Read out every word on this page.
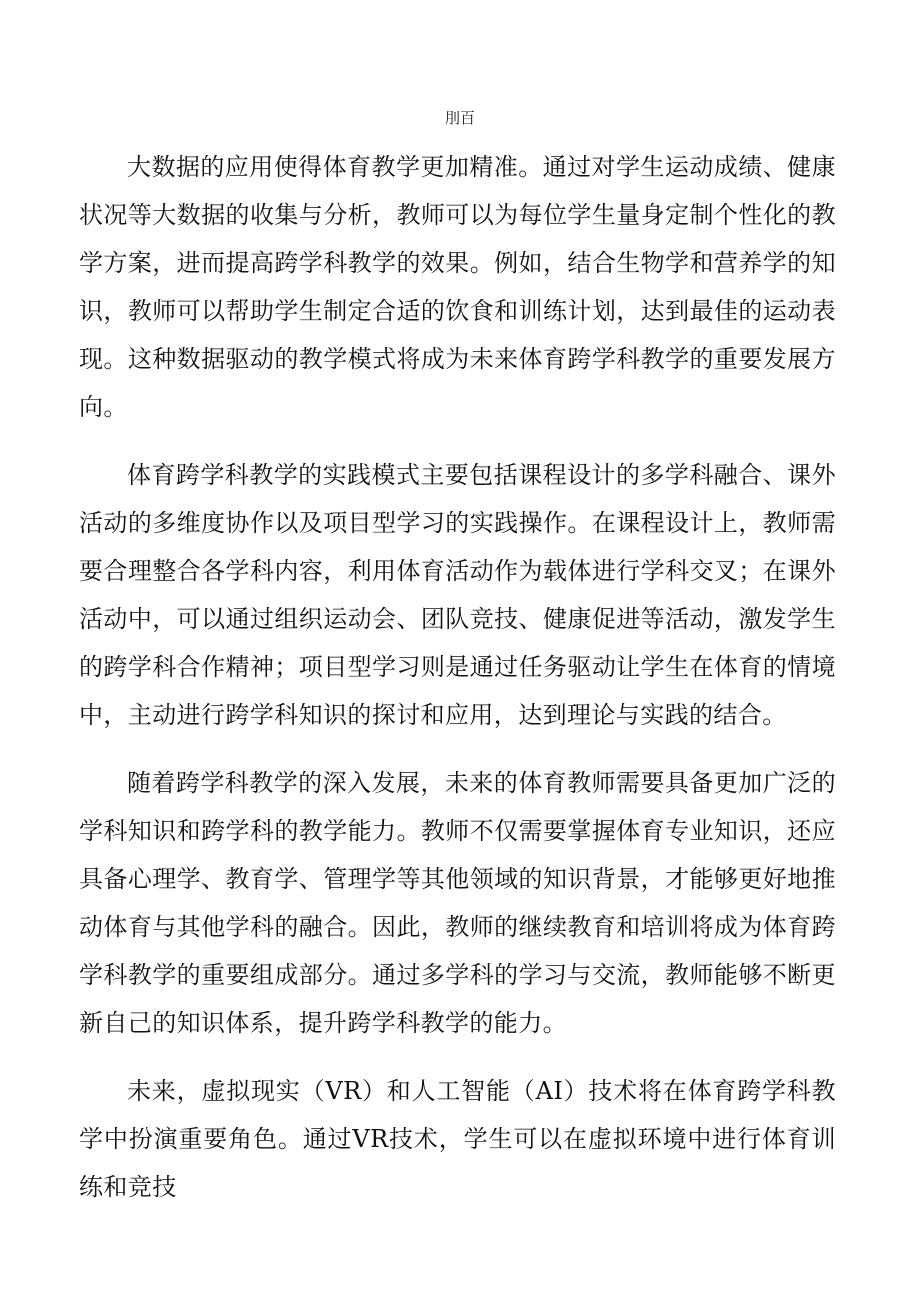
刖百

大数据的应用使得体育教学更加精准。通过对学生运动成绩、健康状况等大数据的收集与分析，教师可以为每位学生量身定制个性化的教学方案，进而提高跨学科教学的效果。例如，结合生物学和营养学的知识，教师可以帮助学生制定合适的饮食和训练计划，达到最佳的运动表现。这种数据驱动的教学模式将成为未来体育跨学科教学的重要发展方向。

体育跨学科教学的实践模式主要包括课程设计的多学科融合、课外活动的多维度协作以及项目型学习的实践操作。在课程设计上，教师需要合理整合各学科内容，利用体育活动作为载体进行学科交叉；在课外活动中，可以通过组织运动会、团队竞技、健康促进等活动，激发学生的跨学科合作精神；项目型学习则是通过任务驱动让学生在体育的情境中，主动进行跨学科知识的探讨和应用，达到理论与实践的结合。

随着跨学科教学的深入发展，未来的体育教师需要具备更加广泛的学科知识和跨学科的教学能力。教师不仅需要掌握体育专业知识，还应具备心理学、教育学、管理学等其他领域的知识背景，才能够更好地推动体育与其他学科的融合。因此，教师的继续教育和培训将成为体育跨学科教学的重要组成部分。通过多学科的学习与交流，教师能够不断更新自己的知识体系，提升跨学科教学的能力。

未来，虚拟现实（VR）和人工智能（AI）技术将在体育跨学科教学中扮演重要角色。通过VR技术，学生可以在虚拟环境中进行体育训练和竞技
